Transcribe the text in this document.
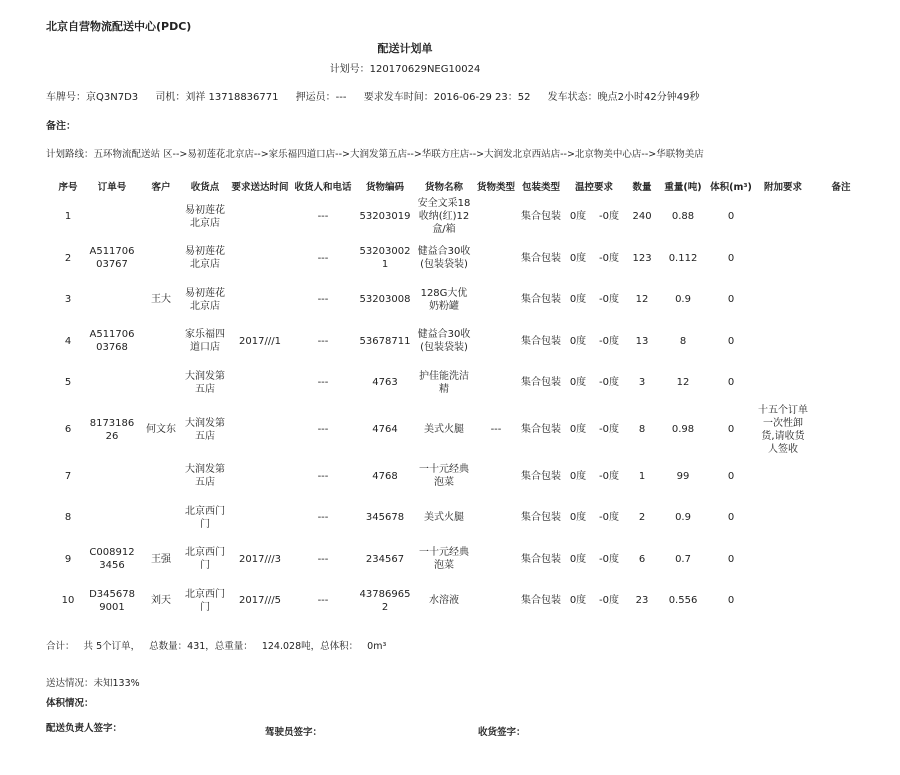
北京自营物流配送中心(PDC)
配送计划单
计划号：120170629NEG10024
车牌号：京Q3N7D3 司机：刘祥 13718836771 押运员：--- 要求发车时间：2016-06-29 23：52 发车状态：晚点2小时42分钟49秒
备注：
计划路线：五环物流配送站 区-->易初莲花北京店-->家乐福四道口店-->大润发第五店-->华联方庄店-->大润发北京西站店-->北京物美中心店-->华联物美店
序号	订单号	客户	收货点	要求送达时间	收货人和电话	货物编码	货物名称	货物类型	包装类型	温控要求		数量	重量(吨)	体积(m³)	附加要求	备注
1			易初莲花北京店		---	53203019	安全文采18收纳(红)12盒/箱		集合包装	0度	-0度	240	0.88	0		
2	A511706 03767		易初莲花北京店		---	532030021	健益合30收(包装袋装)		集合包装	0度	-0度	123	0.112	0		
3		王大	易初莲花北京店		---	53203008	128G大优奶粉罐		集合包装	0度	-0度	12	0.9	0		
4	A511706 03768		家乐福四道口店	2017///1	---	5367871​1	健益合30收(包装袋装)		集合包装	0度	-0度	13	8	0		
5			大润发第五店		---	4763	护佳能洗洁精		集合包装	0度	-0度	3	12	0		
6	8173186 26	何文东	大润发第五店		---	4764	美式火腿	---	集合包装	0度	-0度	8	0.98	0	十五个订单一次性卸货,请收货人签收	
7			大润发第五店		---	4768	一十元经典泡菜		集合包装	0度	-0度	1	99	0		
8			北京西门门		---	345678	美式火腿		集合包装	0度	-0度	2	0.9	0		
9	C008912 3456	王强	北京西门门	2017///3	---	234567	一十元经典泡菜		集合包装	0度	-0度	6	0.7	0		
10	D345678 9001	刘天	北京西门门	2017///5	---	437869652	水溶液		集合包装	0度	-0度	23	0.556	0		
合计： 共 5个订单， 总数量：431，总重量： 124.028吨，总体积： 0m³
送达情况：未知133%
体积情况：
配送负责人签字：	驾驶员签字：	收货签字：
